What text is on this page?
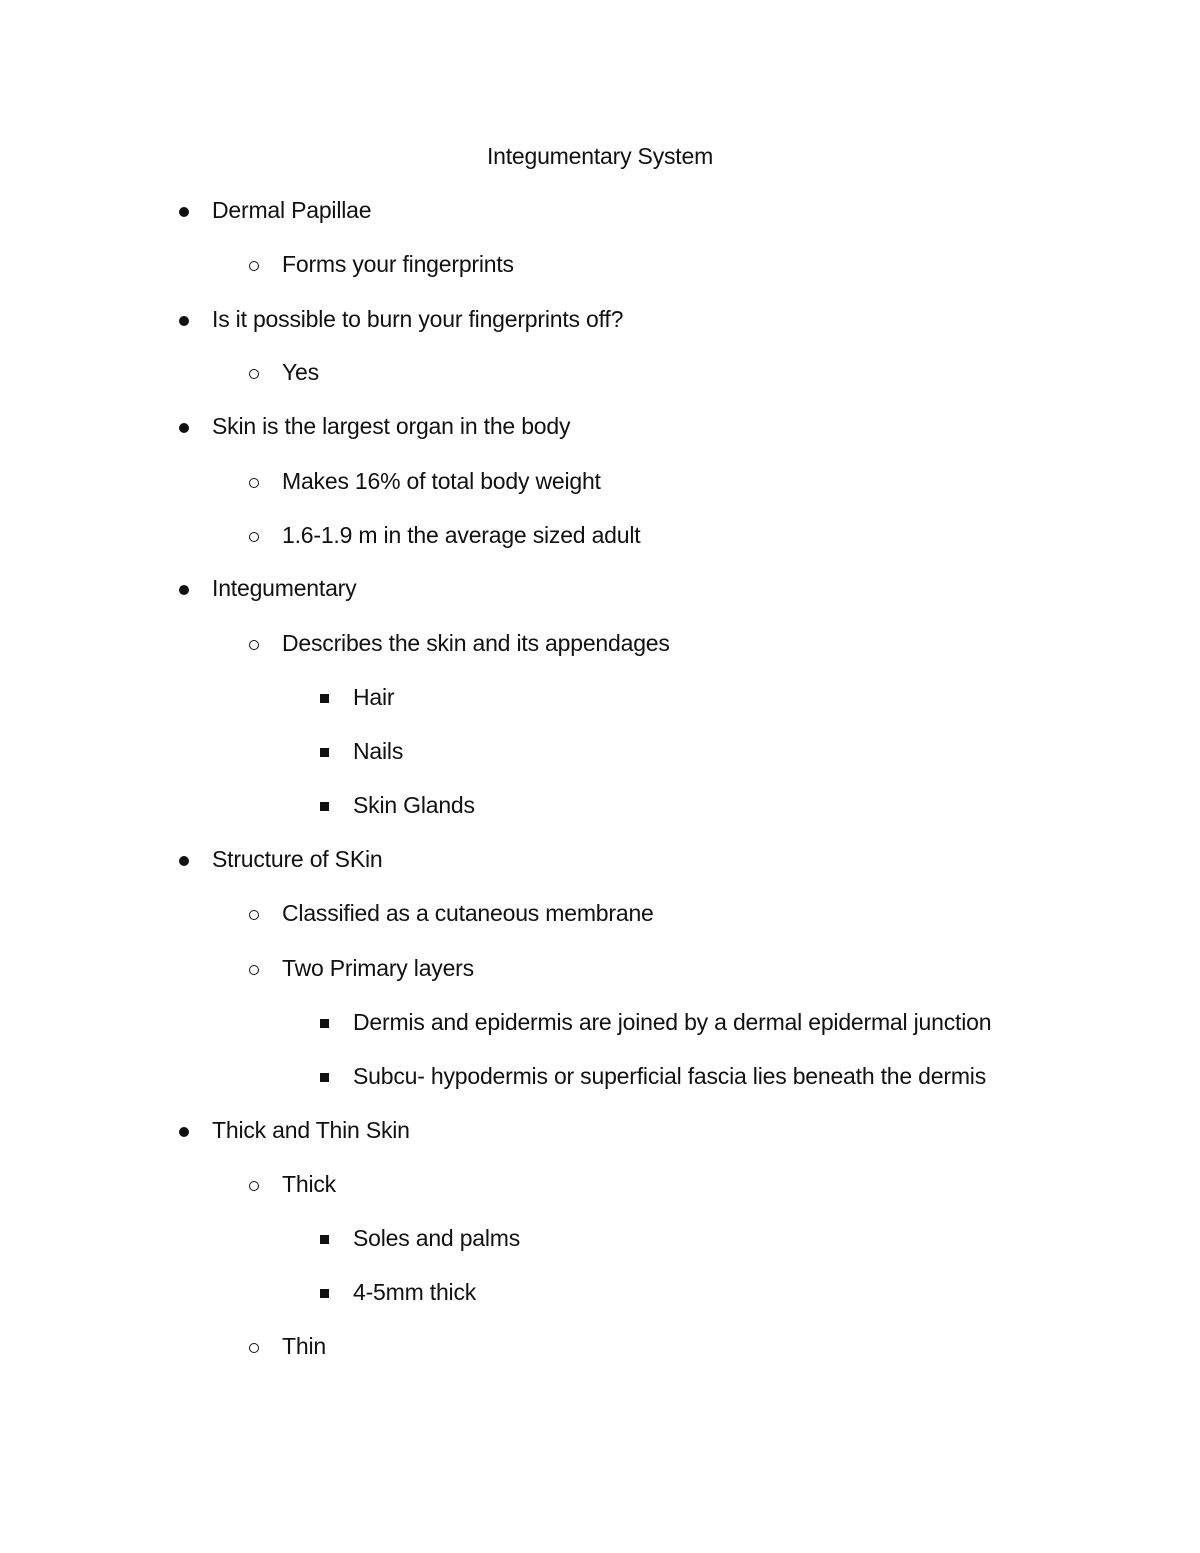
Integumentary System
Dermal Papillae
Forms your fingerprints
Is it possible to burn your fingerprints off?
Yes
Skin is the largest organ in the body
Makes 16% of total body weight
1.6-1.9 m in the average sized adult
Integumentary
Describes the skin and its appendages
Hair
Nails
Skin Glands
Structure of SKin
Classified as a cutaneous membrane
Two Primary layers
Dermis and epidermis are joined by a dermal epidermal junction
Subcu- hypodermis or superficial fascia lies beneath the dermis
Thick and Thin Skin
Thick
Soles and palms
4-5mm thick
Thin
